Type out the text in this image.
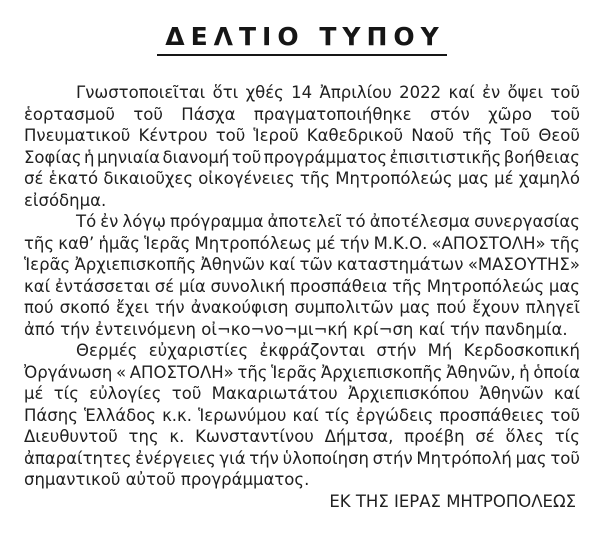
ΔΕΛΤΙΟ ΤΥΠΟΥ
Γνωστοποιεῖται ὅτι χθές 14 Ἀπριλίου 2022 καί ἐν ὄψει τοῦ
ἑορτασμοῦ τοῦ Πάσχα πραγματοποιήθηκε στόν χῶρο τοῦ
Πνευματικοῦ Κέντρου τοῦ Ἱεροῦ Καθεδρικοῦ Ναοῦ τῆς Τοῦ Θεοῦ
Σοφίας ἡ μηνιαία διανομή τοῦ προγράμματος ἐπισιτιστικῆς βοήθειας
σέ ἑκατό δικαιοῦχες οἰκογένειες τῆς Μητροπόλεώς μας μέ χαμηλό
εἰσόδημα.
Τό ἐν λόγῳ πρόγραμμα ἀποτελεῖ τό ἀποτέλεσμα συνεργασίας
τῆς καθ’ ἡμᾶς Ἱερᾶς Μητροπόλεως μέ τήν Μ.Κ.Ο. «ΑΠΟΣΤΟΛΗ» τῆς
Ἱερᾶς Ἀρχιεπισκοπῆς Ἀθηνῶν καί τῶν καταστημάτων «ΜΑΣΟΥΤΗΣ»
καί ἐντάσσεται σέ μία συνολική προσπάθεια τῆς Μητροπόλεώς μας
πού σκοπό ἔχει τήν ἀνακούφιση συμπολιτῶν μας πού ἔχουν πληγεῖ
ἀπό τήν ἐντεινόμενη οἰ¬κο¬νο¬μι¬κή κρί¬ση καί τήν πανδημία.
Θερμές εὐχαριστίες ἐκφράζονται στήν Μή Κερδοσκοπική
Ὀργάνωση « ΑΠΟΣΤΟΛΗ» τῆς Ἱερᾶς Ἀρχιεπισκοπῆς Ἀθηνῶν, ἡ ὁποία
μέ τίς εὐλογίες τοῦ Μακαριωτάτου Ἀρχιεπισκόπου Ἀθηνῶν καί
Πάσης Ἑλλάδος κ.κ. Ἱερωνύμου καί τίς ἐργώδεις προσπάθειες τοῦ
Διευθυντοῦ της κ. Κωνσταντίνου Δήμτσα, προέβη σέ ὅλες τίς
ἀπαραίτητες ἐνέργειες γιά τήν ὑλοποίηση στήν Μητρόπολή μας τοῦ
σημαντικοῦ αὐτοῦ προγράμματος.
ΕΚ ΤΗΣ ΙΕΡΑΣ ΜΗΤΡΟΠΟΛΕΩΣ
